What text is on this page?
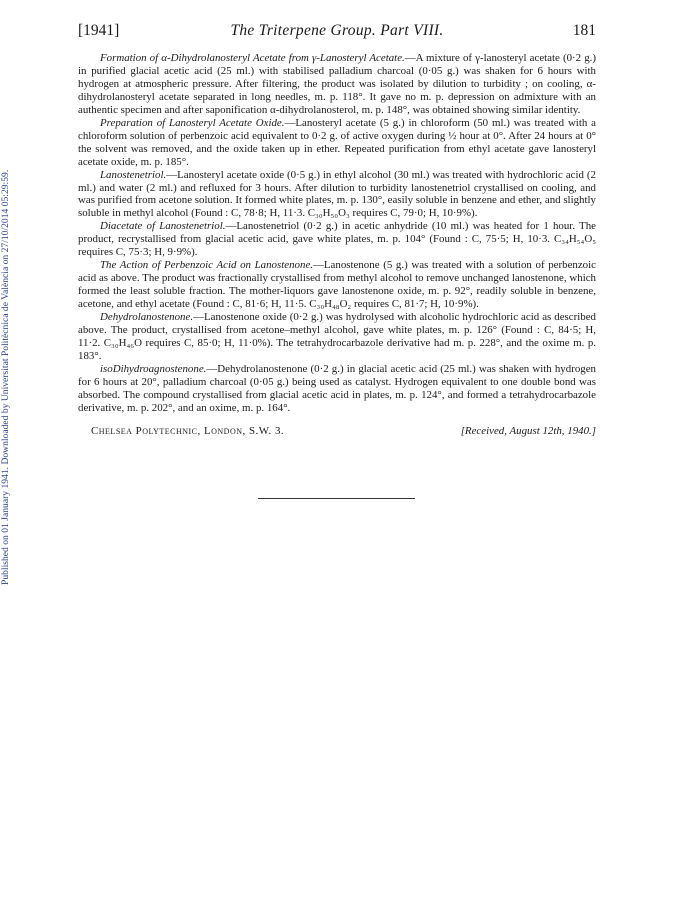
Published on 01 January 1941. Downloaded by Universitat Politècnica de València on 27/10/2014 05:29:59.
[1941]	The Triterpene Group. Part VIII.	181

Formation of α-Dihydrolanosteryl Acetate from γ-Lanosteryl Acetate.—A mixture of γ-lanosteryl acetate (0·2 g.) in purified glacial acetic acid (25 ml.) with stabilised palladium charcoal (0·05 g.) was shaken for 6 hours with hydrogen at atmospheric pressure. After filtering, the product was isolated by dilution to turbidity ; on cooling, α-dihydrolanosteryl acetate separated in long needles, m. p. 118°. It gave no m. p. depression on admixture with an authentic specimen and after saponification α-dihydrolanosterol, m. p. 148°, was obtained showing similar identity.

Preparation of Lanosteryl Acetate Oxide.—Lanosteryl acetate (5 g.) in chloroform (50 ml.) was treated with a chloroform solution of perbenzoic acid equivalent to 0·2 g. of active oxygen during ½ hour at 0°. After 24 hours at 0° the solvent was removed, and the oxide taken up in ether. Repeated purification from ethyl acetate gave lanosteryl acetate oxide, m. p. 185°.

Lanostenetriol.—Lanosteryl acetate oxide (0·5 g.) in ethyl alcohol (30 ml.) was treated with hydrochloric acid (2 ml.) and water (2 ml.) and refluxed for 3 hours. After dilution to turbidity lanostenetriol crystallised on cooling, and was purified from acetone solution. It formed white plates, m. p. 130°, easily soluble in benzene and ether, and slightly soluble in methyl alcohol (Found : C, 78·8; H, 11·3. C₃₀H₅₀O₃ requires C, 79·0; H, 10·9%).

Diacetate of Lanostenetriol.—Lanostenetriol (0·2 g.) in acetic anhydride (10 ml.) was heated for 1 hour. The product, recrystallised from glacial acetic acid, gave white plates, m. p. 104° (Found : C, 75·5; H, 10·3. C₃₄H₅₄O₅ requires C, 75·3; H, 9·9%).

The Action of Perbenzoic Acid on Lanostenone.—Lanostenone (5 g.) was treated with a solution of perbenzoic acid as above. The product was fractionally crystallised from methyl alcohol to remove unchanged lanostenone, which formed the least soluble fraction. The mother-liquors gave lanostenone oxide, m. p. 92°, readily soluble in benzene, acetone, and ethyl acetate (Found : C, 81·6; H, 11·5. C₃₀H₄₈O₂ requires C, 81·7; H, 10·9%).

Dehydrolanostenone.—Lanostenone oxide (0·2 g.) was hydrolysed with alcoholic hydrochloric acid as described above. The product, crystallised from acetone–methyl alcohol, gave white plates, m. p. 126° (Found : C, 84·5; H, 11·2. C₃₀H₄₆O requires C, 85·0; H, 11·0%). The tetrahydrocarbazole derivative had m. p. 228°, and the oxime m. p. 183°.

isoDihydroagnostenone.—Dehydrolanostenone (0·2 g.) in glacial acetic acid (25 ml.) was shaken with hydrogen for 6 hours at 20°, palladium charcoal (0·05 g.) being used as catalyst. Hydrogen equivalent to one double bond was absorbed. The compound crystallised from glacial acetic acid in plates, m. p. 124°, and formed a tetrahydrocarbazole derivative, m. p. 202°, and an oxime, m. p. 164°.

Chelsea Polytechnic, London, S.W. 3.	[Received, August 12th, 1940.]
